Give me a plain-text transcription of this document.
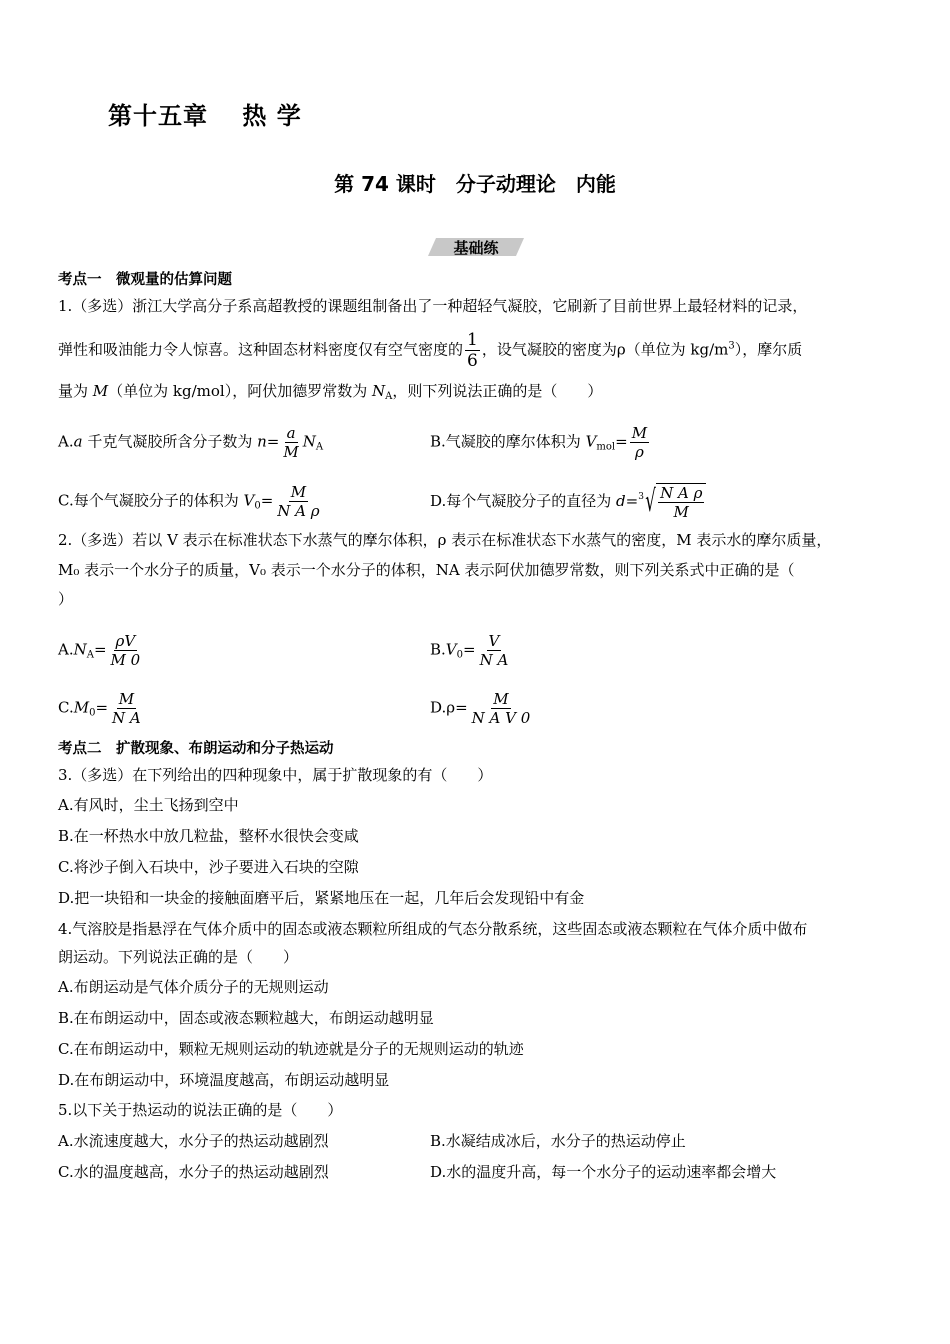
第十五章　 热 学
第 74 课时　分子动理论　内能
基础练
考点一　微观量的估算问题
1.（多选）浙江大学高分子系高超教授的课题组制备出了一种超轻气凝胶，它刷新了目前世界上最轻材料的记录，
弹性和吸油能力令人惊喜。这种固态材料密度仅有空气密度的 $\frac{1}{6}$ ，设气凝胶的密度为ρ（单位为 $kg/m^3$），摩尔质
量为 M（单位为 kg/mol），阿伏加德罗常数为 $N_A$，则下列说法正确的是（　　）
A.a 千克气凝胶所含分子数为 $n= \frac{a}{M} N_A$	B.气凝胶的摩尔体积为 $V_{mol}= \frac{M}{\rho}$
C.每个气凝胶分子的体积为 $V_0= \frac{M}{\text{N A ρ}}$	D.每个气凝胶分子的直径为 d= 3 √ $\frac{\text{N A ρ}}{M}$
2.（多选）若以 V 表示在标准状态下水蒸气的摩尔体积，ρ 表示在标准状态下水蒸气的密度，M 表示水的摩尔质量，
M₀ 表示一个水分子的质量，V₀ 表示一个水分子的体积，NA 表示阿伏加德罗常数，则下列关系式中正确的是（
）
$A.N_A= \frac{\rho V}{M 0}$	$B.V_0= \frac{V}{\text{N A}}$
$C.M_0= \frac{M}{\text{N A}}$	$D.\rho= \frac{M}{\text{N A V 0}}$
考点二　扩散现象、布朗运动和分子热运动
3.（多选）在下列给出的四种现象中，属于扩散现象的有（　　）
A.有风时，尘土飞扬到空中
B.在一杯热水中放几粒盐，整杯水很快会变咸
C.将沙子倒入石块中，沙子要进入石块的空隙
D.把一块铅和一块金的接触面磨平后，紧紧地压在一起，几年后会发现铅中有金
4.气溶胶是指悬浮在气体介质中的固态或液态颗粒所组成的气态分散系统，这些固态或液态颗粒在气体介质中做布
朗运动。下列说法正确的是（　　）
A.布朗运动是气体介质分子的无规则运动
B.在布朗运动中，固态或液态颗粒越大，布朗运动越明显
C.在布朗运动中，颗粒无规则运动的轨迹就是分子的无规则运动的轨迹
D.在布朗运动中，环境温度越高，布朗运动越明显
5.以下关于热运动的说法正确的是（　　）
A.水流速度越大，水分子的热运动越剧烈	B.水凝结成冰后，水分子的热运动停止
C.水的温度越高，水分子的热运动越剧烈	D.水的温度升高，每一个水分子的运动速率都会增大
